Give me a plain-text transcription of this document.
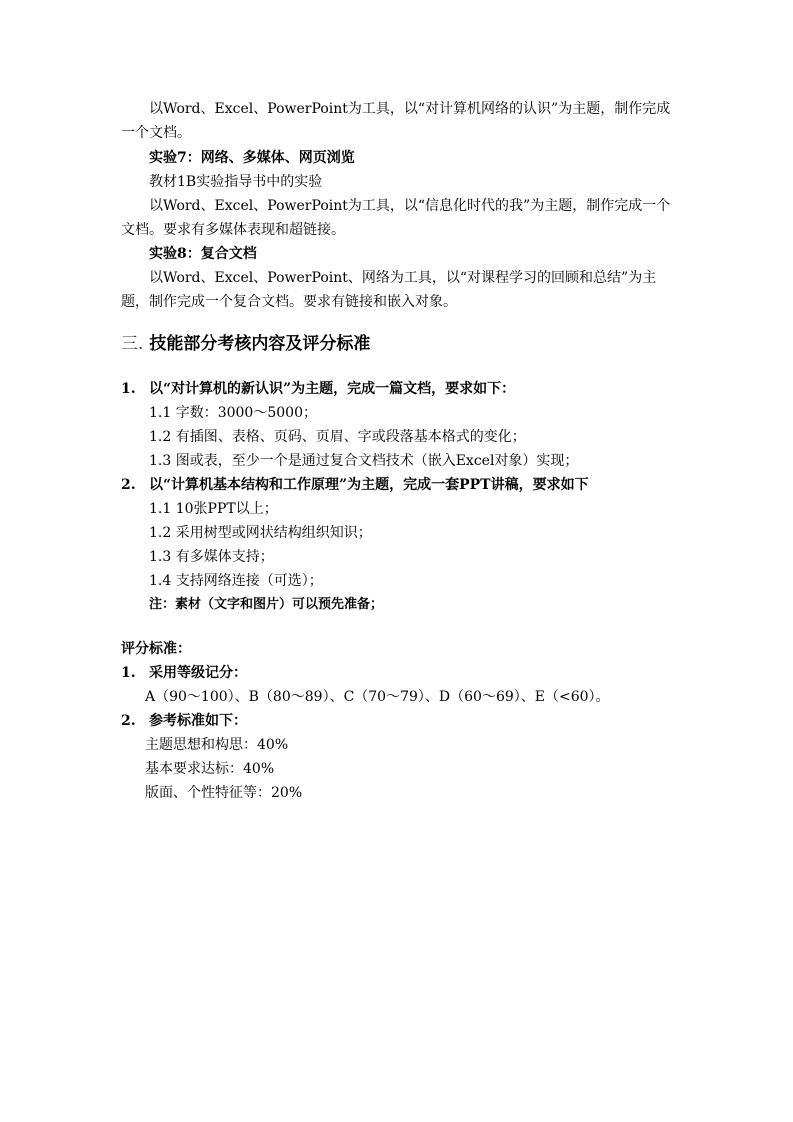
以Word、Excel、PowerPoint为工具，以“对计算机网络的认识”为主题，制作完成一个文档。

实验7：网络、多媒体、网页浏览

教材1B实验指导书中的实验

以Word、Excel、PowerPoint为工具，以“信息化时代的我”为主题，制作完成一个文档。要求有多媒体表现和超链接。

实验8：复合文档

以Word、Excel、PowerPoint、网络为工具，以“对课程学习的回顾和总结”为主题，制作完成一个复合文档。要求有链接和嵌入对象。

三. 技能部分考核内容及评分标准
1. 以“对计算机的新认识”为主题，完成一篇文档，要求如下：
1.1 字数：3000～5000；
1.2 有插图、表格、页码、页眉、字或段落基本格式的变化；
1.3 图或表，至少一个是通过复合文档技术（嵌入Excel对象）实现；
2. 以“计算机基本结构和工作原理”为主题，完成一套PPT讲稿，要求如下
1.1 10张PPT以上；
1.2 采用树型或网状结构组织知识；
1.3 有多媒体支持；
1.4 支持网络连接（可选）；
注：素材（文字和图片）可以预先准备；
评分标准：
1. 采用等级记分：
A（90～100）、B（80～89）、C（70～79）、D（60～69）、E（<60）。
2. 参考标准如下：
主题思想和构思：40%
基本要求达标：40%
版面、个性特征等：20%
